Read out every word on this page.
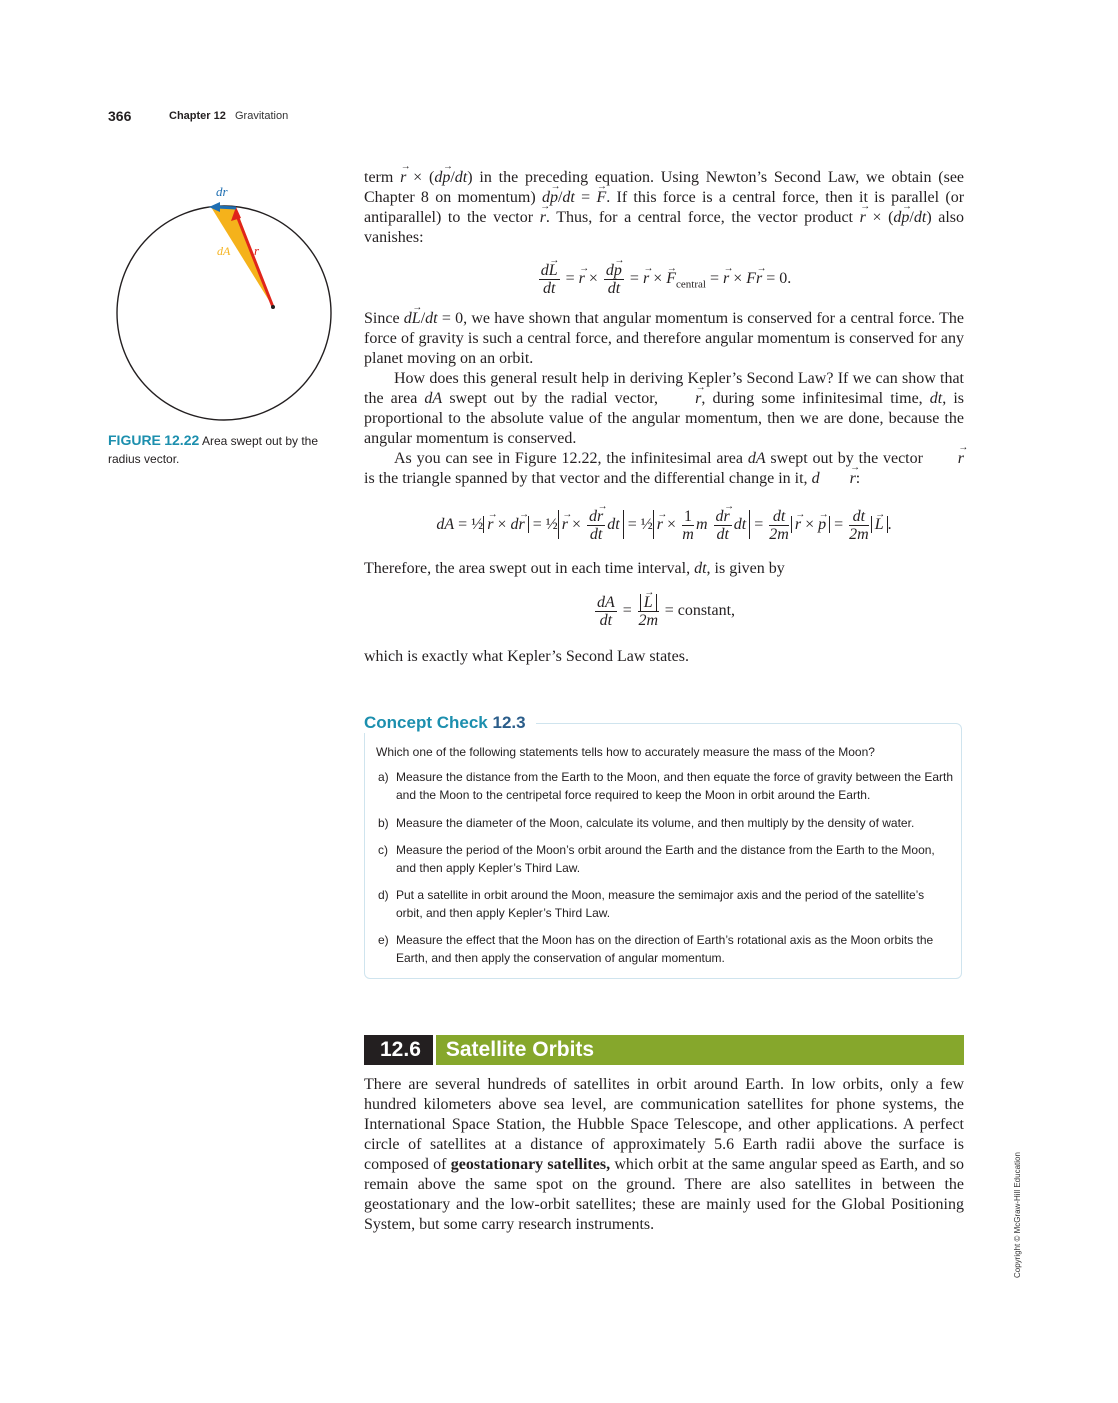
366	Chapter 12 Gravitation
dr
dA r
FIGURE 12.22 Area swept out by the radius vector.

term → r × (d→ p/dt) in the preceding equation. Using Newton’s Second Law, we obtain (see Chapter 8 on momentum) d→ p/dt = → F. If this force is a central force, then it is parallel (or antiparallel) to the vector → r. Thus, for a central force, the vector product → r × (d→ p/dt) also vanishes:

$\frac{d\to L}{dt}$ = → $r \times \frac{d\to p}{dt}$ = → r × → $F_{central}$ = → r × F→ r = 0.

Since d→ L/dt = 0, we have shown that angular momentum is conserved for a central force. The force of gravity is such a central force, and therefore angular momentum is conserved for any planet moving on an orbit.

How does this general result help in deriving Kepler’s Second Law? If we can show that the area dA swept out by the radial vector, → r, during some infinitesimal time, dt, is proportional to the absolute value of the angular momentum, then we are done, because the angular momentum is conserved.

As you can see in Figure 12.22, the infinitesimal area dA swept out by the vector → r is the triangle spanned by that vector and the differential change in it, d → r:

dA = ½ → r × d→ r = ½ → $r \times \frac{d\to r}{dt}$ dt = ½ → $r \times \frac{1}{m}$ m $\frac{d\to r}{dt}$ dt = $\frac{dt}{2m} \to r$ × → $p = \frac{dt}{2m} \to L$ .

Therefore, the area swept out in each time interval, dt, is given by

$\frac{dA}{dt}$ = → $\frac{L}{2m}$ = constant,

which is exactly what Kepler’s Second Law states.

Concept Check 12.3
Which one of the following statements tells how to accurately measure the mass of the Moon?
a) Measure the distance from the Earth to the Moon, and then equate the force of gravity between the Earth and the Moon to the centripetal force required to keep the Moon in orbit around the Earth.
b) Measure the diameter of the Moon, calculate its volume, and then multiply by the density of water.
c) Measure the period of the Moon’s orbit around the Earth and the distance from the Earth to the Moon, and then apply Kepler’s Third Law.
d) Put a satellite in orbit around the Moon, measure the semimajor axis and the period of the satellite’s orbit, and then apply Kepler’s Third Law.
e) Measure the effect that the Moon has on the direction of Earth’s rotational axis as the Moon orbits the Earth, and then apply the conservation of angular momentum.
12.6	Satellite Orbits

There are several hundreds of satellites in orbit around Earth. In low orbits, only a few hundred kilometers above sea level, are communication satellites for phone systems, the International Space Station, the Hubble Space Telescope, and other applications. A perfect circle of satellites at a distance of approximately 5.6 Earth radii above the surface is composed of geostationary satellites, which orbit at the same angular speed as Earth, and so remain above the same spot on the ground. There are also satellites in between the geostationary and the low-orbit satellites; these are mainly used for the Global Positioning System, but some carry research instruments.	Copyright © McGraw-Hill Education
